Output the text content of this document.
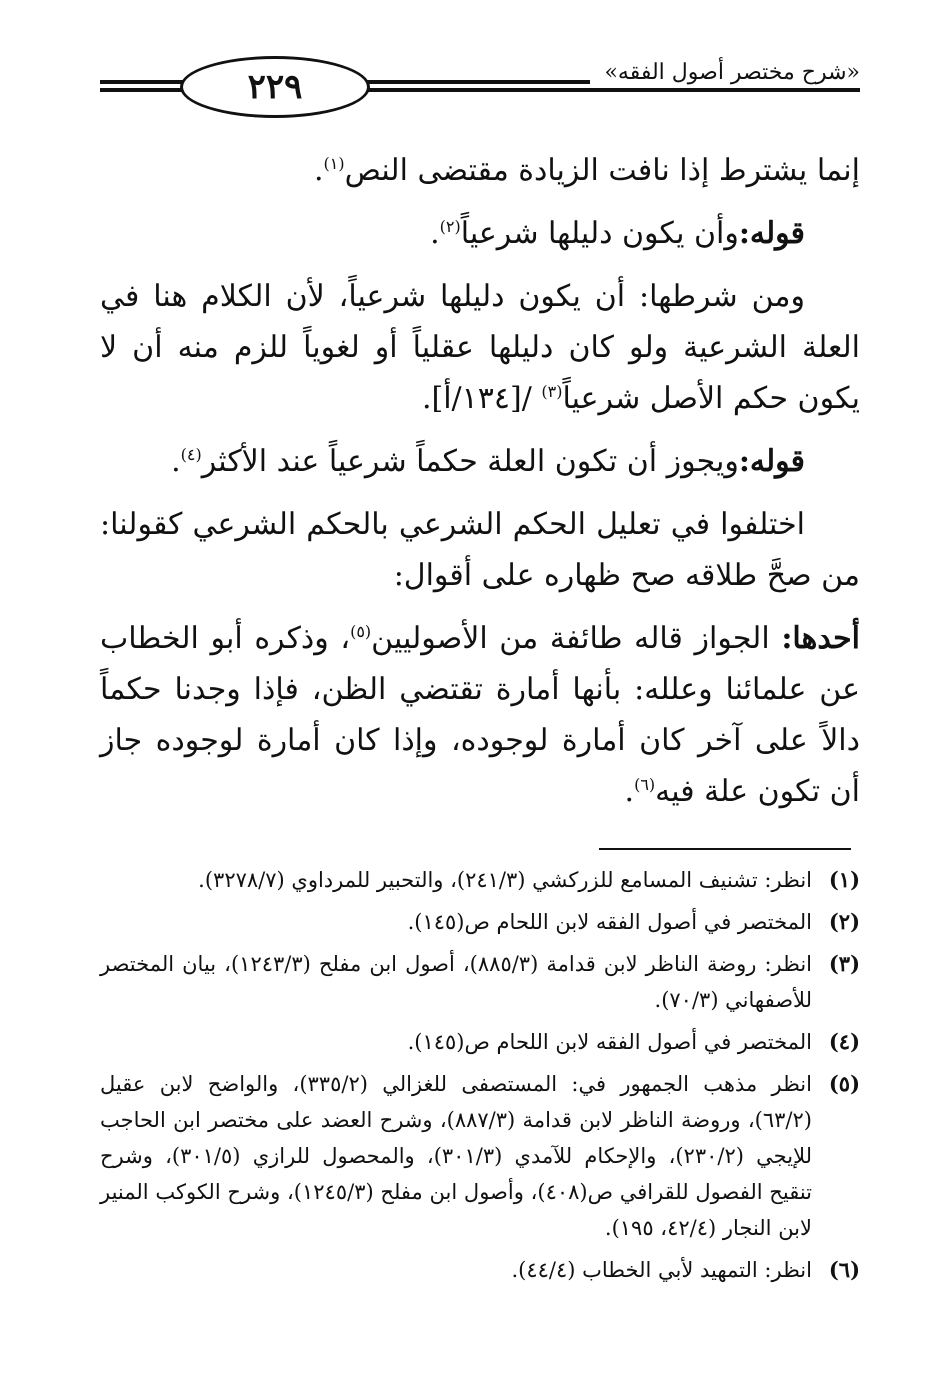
٢٢٩	«شرح مختصر أصول الفقه»

إنما يشترط إذا نافت الزيادة مقتضى النص$^{(١)}$.

قوله:وأن يكون دليلها شرعياً$^{(٢)}$.

ومن شرطها: أن يكون دليلها شرعياً، لأن الكلام هنا في العلة الشرعية ولو كان دليلها عقلياً أو لغوياً للزم منه أن لا يكون حكم الأصل شرعياً$^{(٣)}$ /[١٣٤/أ].

قوله:ويجوز أن تكون العلة حكماً شرعياً عند الأكثر$^{(٤)}$.

اختلفوا في تعليل الحكم الشرعي بالحكم الشرعي كقولنا: من صحَّ طلاقه صح ظهاره على أقوال:

أحدها: الجواز قاله طائفة من الأصوليين$^{(٥)}$، وذكره أبو الخطاب عن علمائنا وعلله: بأنها أمارة تقتضي الظن، فإذا وجدنا حكماً دالاً على آخر كان أمارة لوجوده، وإذا كان أمارة لوجوده جاز أن تكون علة فيه$^{(٦)}$.

(١)
انظر: تشنيف المسامع للزركشي (٢٤١/٣)، والتحبير للمرداوي (٣٢٧٨/٧).
(٢)
المختصر في أصول الفقه لابن اللحام ص(١٤٥).
(٣)
انظر: روضة الناظر لابن قدامة (٨٨٥/٣)، أصول ابن مفلح (١٢٤٣/٣)، بيان المختصر للأصفهاني (٧٠/٣).
(٤)
المختصر في أصول الفقه لابن اللحام ص(١٤٥).
(٥)
انظر مذهب الجمهور في: المستصفى للغزالي (٣٣٥/٢)، والواضح لابن عقيل (٦٣/٢)، وروضة الناظر لابن قدامة (٨٨٧/٣)، وشرح العضد على مختصر ابن الحاجب للإيجي (٢٣٠/٢)، والإحكام للآمدي (٣٠١/٣)، والمحصول للرازي (٣٠١/٥)، وشرح تنقيح الفصول للقرافي ص(٤٠٨)، وأصول ابن مفلح (١٢٤٥/٣)، وشرح الكوكب المنير لابن النجار (٤٢/٤، ١٩٥).
(٦)
انظر: التمهيد لأبي الخطاب (٤٤/٤).
